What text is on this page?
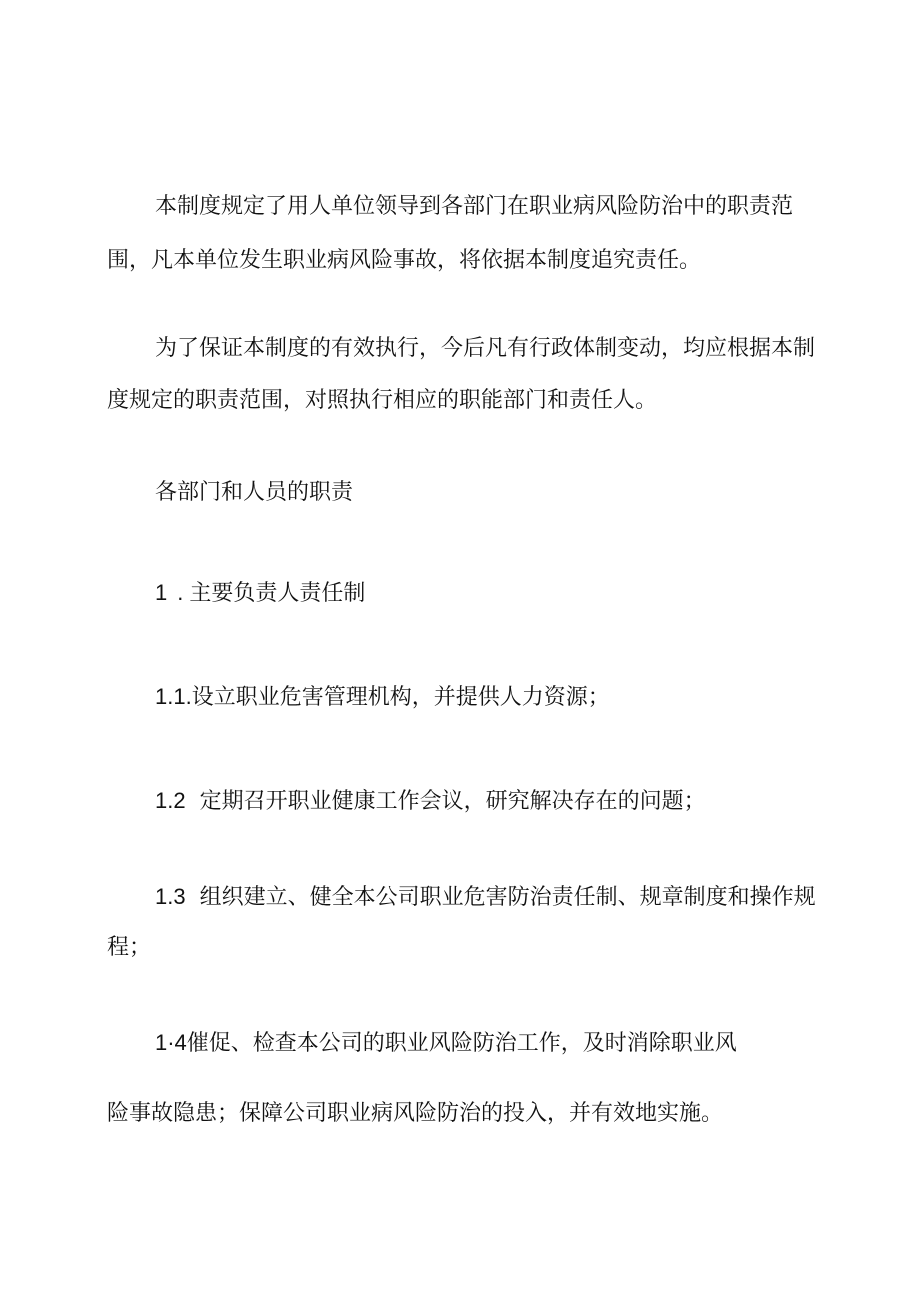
本制度规定了用人单位领导到各部门在职业病风险防治中的职责范
围，凡本单位发生职业病风险事故，将依据本制度追究责任。

为了保证本制度的有效执行，今后凡有行政体制变动，均应根据本制
度规定的职责范围，对照执行相应的职能部门和责任人。

各部门和人员的职责

1 . 主要负责人责任制

1.1.设立职业危害管理机构，并提供人力资源；

1.2 定期召开职业健康工作会议，研究解决存在的问题；

1.3 组织建立、健全本公司职业危害防治责任制、规章制度和操作规
程；

1·4催促、检查本公司的职业风险防治工作，及时消除职业风
险事故隐患；保障公司职业病风险防治的投入，并有效地实施。
